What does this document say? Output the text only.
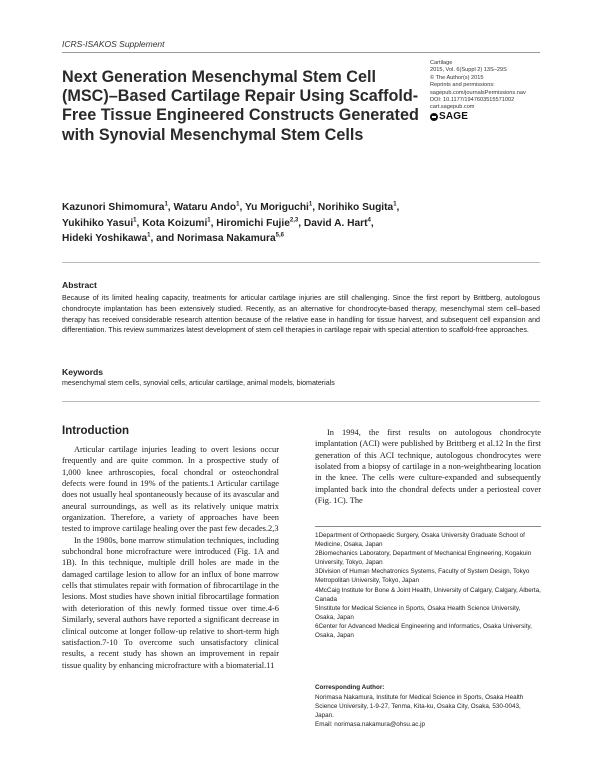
ICRS-ISAKOS Supplement
Next Generation Mesenchymal Stem Cell (MSC)–Based Cartilage Repair Using Scaffold-Free Tissue Engineered Constructs Generated with Synovial Mesenchymal Stem Cells
Cartilage
2015, Vol. 6(Suppl 2) 13S–29S
© The Author(s) 2015
Reprints and permissions:
sagepub.com/journalsPermissions.nav
DOI: 10.1177/1947603515571002
cart.sagepub.com
SAGE
Kazunori Shimomura$^1$, Wataru Ando$^1$, Yu Moriguchi$^1$, Norihiko Sugita$^1$,
Yukihiko Yasui$^1$, Kota Koizumi$^1$, Hiromichi Fujie$^{2,3}$, David A. Hart$^4$,
Hideki Yoshikawa$^1$, and Norimasa Nakamura$^{5,6}$
Abstract

Because of its limited healing capacity, treatments for articular cartilage injuries are still challenging. Since the first report by Brittberg, autologous chondrocyte implantation has been extensively studied. Recently, as an alternative for chondrocyte-based therapy, mesenchymal stem cell–based therapy has received considerable research attention because of the relative ease in handling for tissue harvest, and subsequent cell expansion and differentiation. This review summarizes latest development of stem cell therapies in cartilage repair with special attention to scaffold-free approaches.

Keywords
mesenchymal stem cells, synovial cells, articular cartilage, animal models, biomaterials
Introduction

Articular cartilage injuries leading to overt lesions occur frequently and are quite common. In a prospective study of 1,000 knee arthroscopies, focal chondral or osteochondral defects were found in 19% of the patients.1 Articular cartilage does not usually heal spontaneously because of its avascular and aneural surroundings, as well as its relatively unique matrix organization. Therefore, a variety of approaches have been tested to improve cartilage healing over the past few decades.2,3

In the 1980s, bone marrow stimulation techniques, including subchondral bone microfracture were introduced (Fig. 1A and 1B). In this technique, multiple drill holes are made in the damaged cartilage lesion to allow for an influx of bone marrow cells that stimulates repair with formation of fibrocartilage in the lesions. Most studies have shown initial fibrocartilage formation with deterioration of this newly formed tissue over time.4-6 Similarly, several authors have reported a significant decrease in clinical outcome at longer follow-up relative to short-term high satisfaction.7-10 To overcome such unsatisfactory clinical results, a recent study has shown an improvement in repair tissue quality by enhancing microfracture with a biomaterial.11

In 1994, the first results on autologous chondrocyte implantation (ACI) were published by Brittberg et al.12 In the first generation of this ACI technique, autologous chondrocytes were isolated from a biopsy of cartilage in a non-weightbearing location in the knee. The cells were culture-expanded and subsequently implanted back into the chondral defects under a periosteal cover (Fig. 1C). The

1Department of Orthopaedic Surgery, Osaka University Graduate School of Medicine, Osaka, Japan
2Biomechanics Laboratory, Department of Mechanical Engineering, Kogakuin University, Tokyo, Japan
3Division of Human Mechatronics Systems, Faculty of System Design, Tokyo Metropolitan University, Tokyo, Japan
4McCaig Institute for Bone & Joint Health, University of Calgary, Calgary, Alberta, Canada
5Institute for Medical Science in Sports, Osaka Health Science University, Osaka, Japan
6Center for Advanced Medical Engineering and Informatics, Osaka University, Osaka, Japan
Corresponding Author:
Norimasa Nakamura, Institute for Medical Science in Sports, Osaka Health Science University, 1-9-27, Tenma, Kita-ku, Osaka City, Osaka, 530-0043, Japan.
Email: norimasa.nakamura@ohsu.ac.jp
